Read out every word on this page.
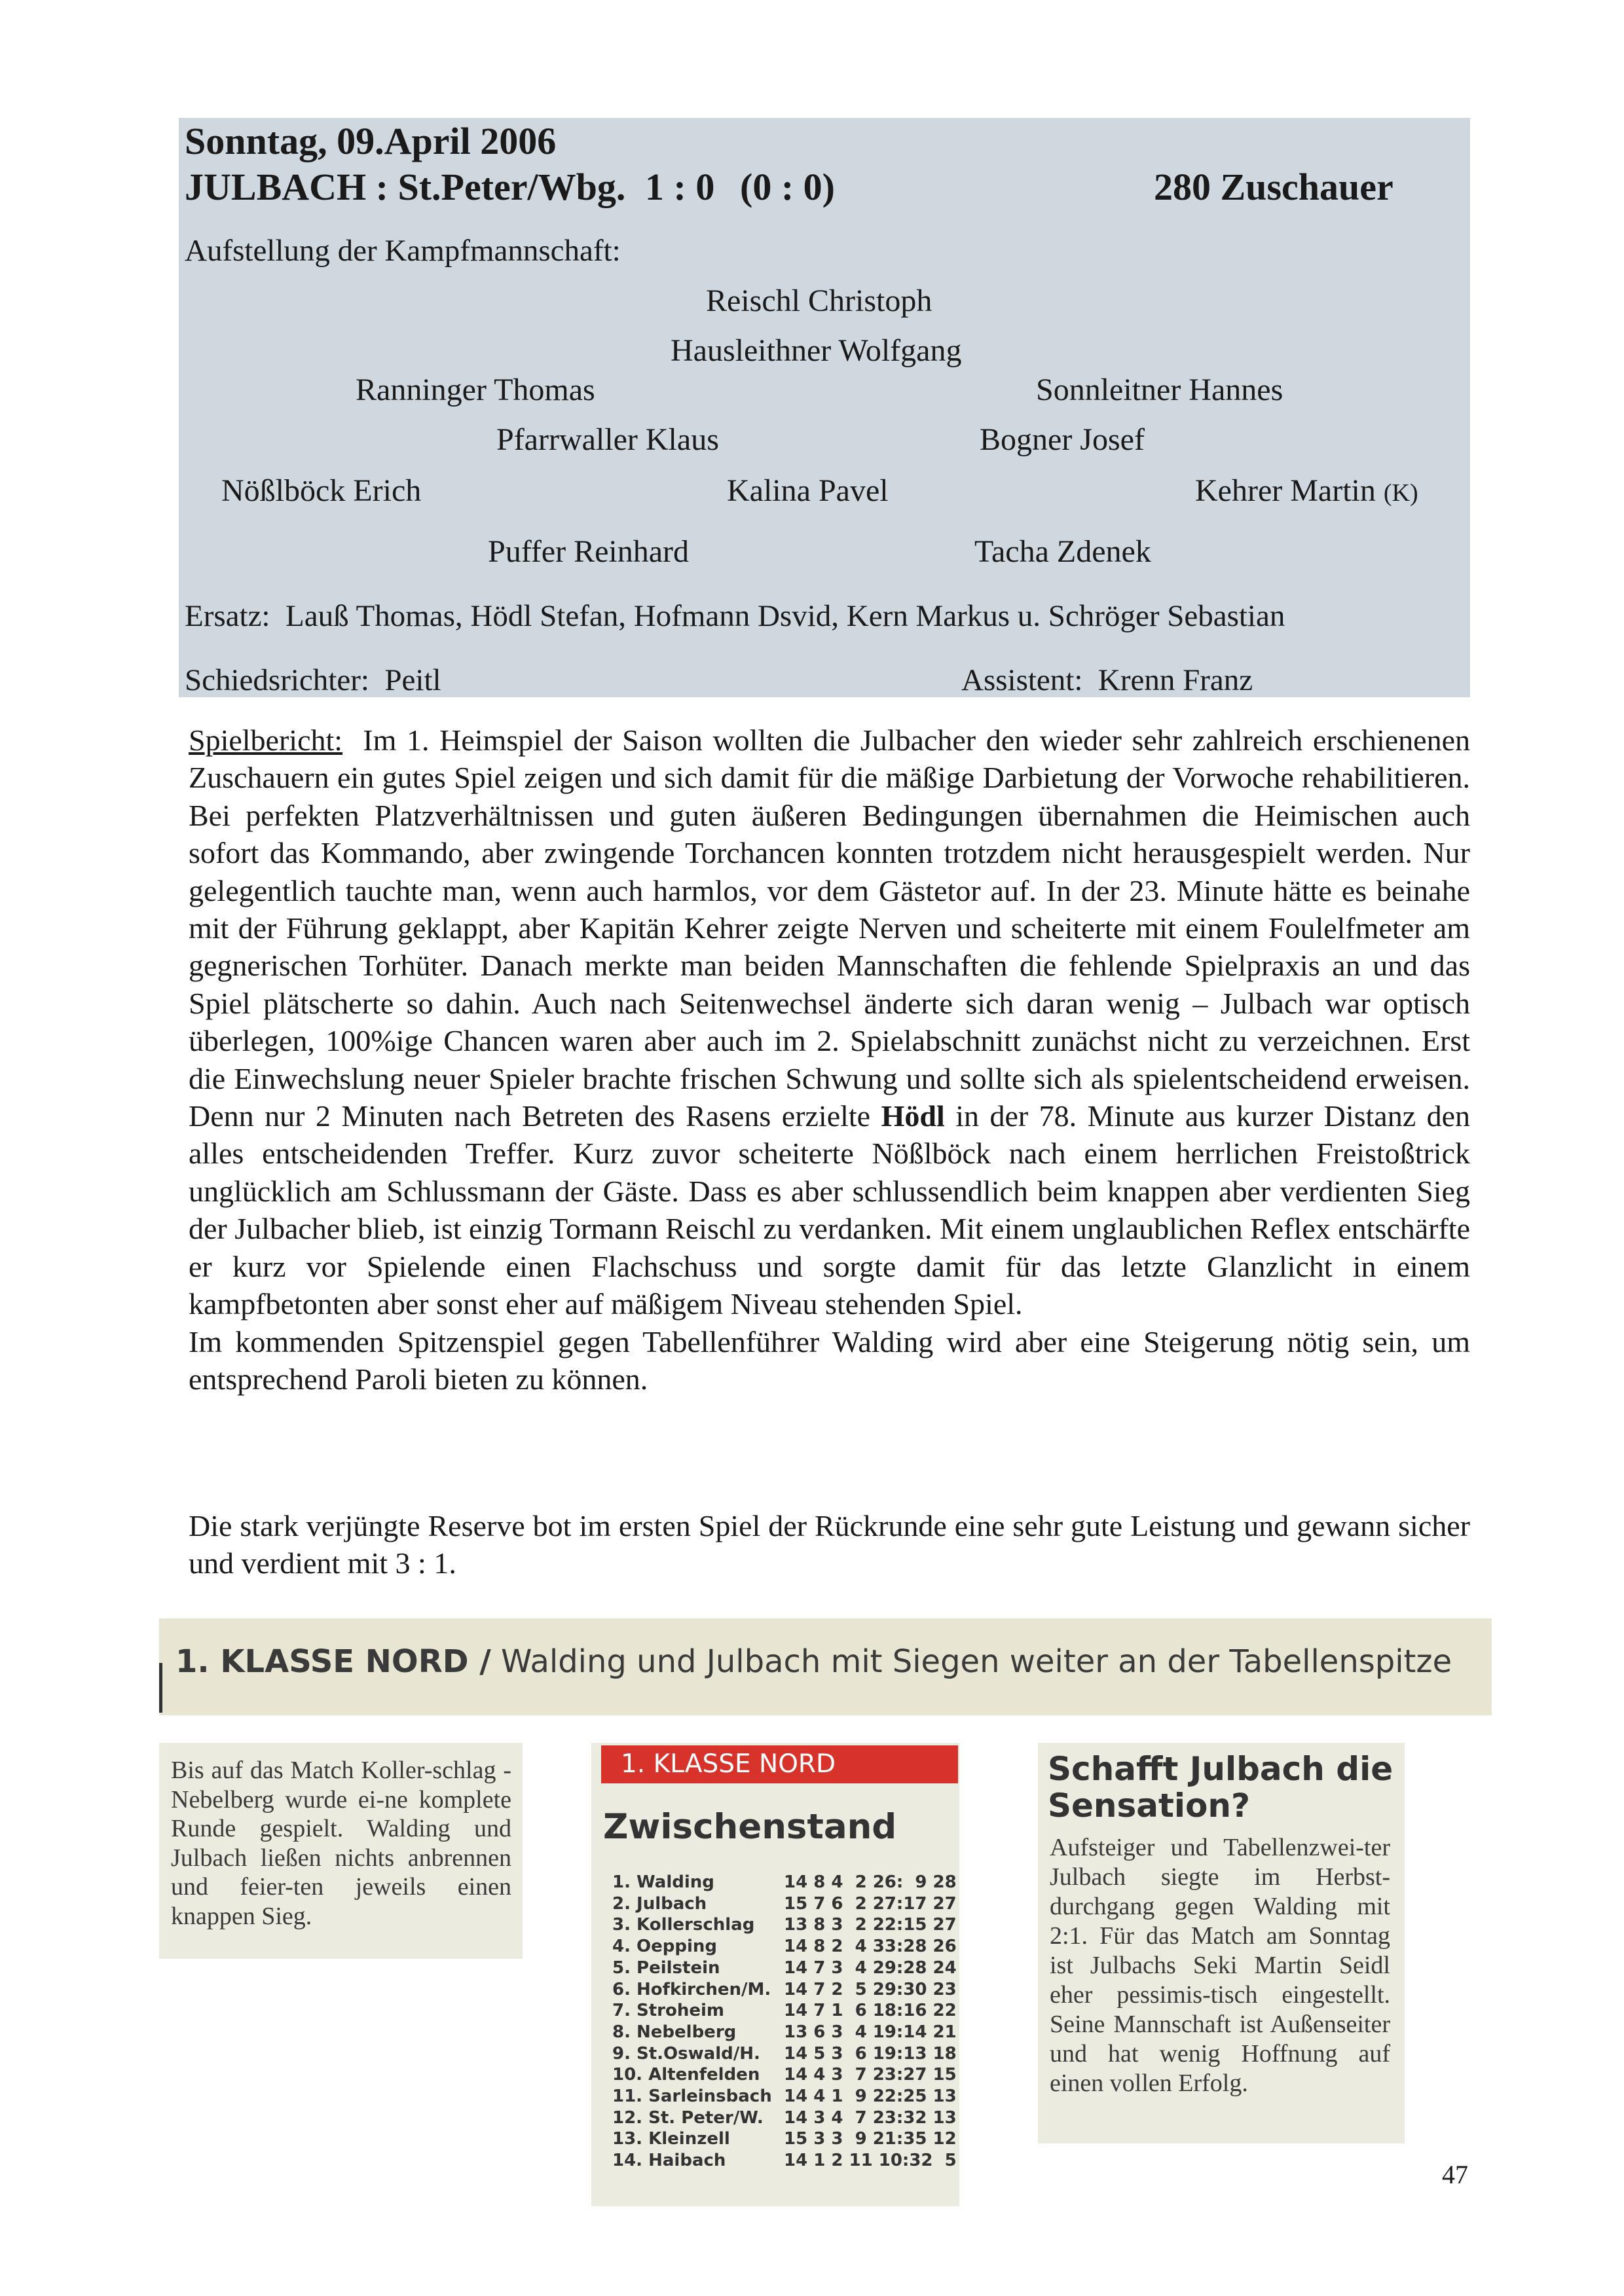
Sonntag, 09.April 2006
JULBACH : St.Peter/Wbg. 1 : 0 (0 : 0)	280 Zuschauer
Aufstellung der Kampfmannschaft:
Reischl Christoph
Hausleithner Wolfgang
Ranninger Thomas	Sonnleitner Hannes
Pfarrwaller Klaus	Bogner Josef
Nößlböck Erich	Kalina Pavel	Kehrer Martin (K)
Puffer Reinhard	Tacha Zdenek
Ersatz: Lauß Thomas, Hödl Stefan, Hofmann Dsvid, Kern Markus u. Schröger Sebastian
Schiedsrichter: Peitl	Assistent: Krenn Franz

Spielbericht: Im 1. Heimspiel der Saison wollten die Julbacher den wieder sehr zahlreich erschienenen Zuschauern ein gutes Spiel zeigen und sich damit für die mäßige Darbietung der Vorwoche rehabilitieren. Bei perfekten Platzverhältnissen und guten äußeren Bedingungen übernahmen die Heimischen auch sofort das Kommando, aber zwingende Torchancen konnten trotzdem nicht herausgespielt werden. Nur gelegentlich tauchte man, wenn auch harmlos, vor dem Gästetor auf. In der 23. Minute hätte es beinahe mit der Führung geklappt, aber Kapitän Kehrer zeigte Nerven und scheiterte mit einem Foulelfmeter am gegnerischen Torhüter. Danach merkte man beiden Mannschaften die fehlende Spielpraxis an und das Spiel plätscherte so dahin. Auch nach Seitenwechsel änderte sich daran wenig – Julbach war optisch überlegen, 100%ige Chancen waren aber auch im 2. Spielabschnitt zunächst nicht zu verzeichnen. Erst die Einwechslung neuer Spieler brachte frischen Schwung und sollte sich als spielentscheidend erweisen. Denn nur 2 Minuten nach Betreten des Rasens erzielte Hödl in der 78. Minute aus kurzer Distanz den alles entscheidenden Treffer. Kurz zuvor scheiterte Nößlböck nach einem herrlichen Freistoßtrick unglücklich am Schlussmann der Gäste. Dass es aber schlussendlich beim knappen aber verdienten Sieg der Julbacher blieb, ist einzig Tormann Reischl zu verdanken. Mit einem unglaublichen Reflex entschärfte er kurz vor Spielende einen Flachschuss und sorgte damit für das letzte Glanzlicht in einem kampfbetonten aber sonst eher auf mäßigem Niveau stehenden Spiel.

Im kommenden Spitzenspiel gegen Tabellenführer Walding wird aber eine Steigerung nötig sein, um entsprechend Paroli bieten zu können.

Die stark verjüngte Reserve bot im ersten Spiel der Rückrunde eine sehr gute Leistung und gewann sicher und verdient mit 3 : 1.
1. KLASSE NORD / Walding und Julbach mit Siegen weiter an der Tabellenspitze
Bis auf das Match Koller-schlag - Nebelberg wurde ei-ne komplete Runde gespielt. Walding und Julbach ließen nichts anbrennen und feier-ten jeweils einen knappen Sieg.
1. KLASSE NORD
Zwischenstand
1. Walding	14 8 4  2 26:  9 28
2. Julbach	15 7 6  2 27:17 27
3. Kollerschlag 13 8 3  2 22:15 27
4. Oepping	14 8 2  4 33:28 26
5. Peilstein	14 7 3  4 29:28 24
6. Hofkirchen/M. 14 7 2  5 29:30 23
7. Stroheim	14 7 1  6 18:16 22
8. Nebelberg	13 6 3  4 19:14 21
9. St.Oswald/H. 14 5 3  6 19:13 18
10. Altenfelden 14 4 3  7 23:27 15
11. Sarleinsbach 14 4 1  9 22:25 13
12. St. Peter/W. 14 3 4  7 23:32 13
13. Kleinzell	15 3 3  9 21:35 12
14. Haibach	14 1 2 11 10:32  5
Schafft Julbach die Sensation?
Aufsteiger und Tabellenzwei-ter Julbach siegte im Herbst-durchgang gegen Walding mit 2:1. Für das Match am Sonntag ist Julbachs Seki Martin Seidl eher pessimis-tisch eingestellt. Seine Mannschaft ist Außenseiter und hat wenig Hoffnung auf einen vollen Erfolg.
47
